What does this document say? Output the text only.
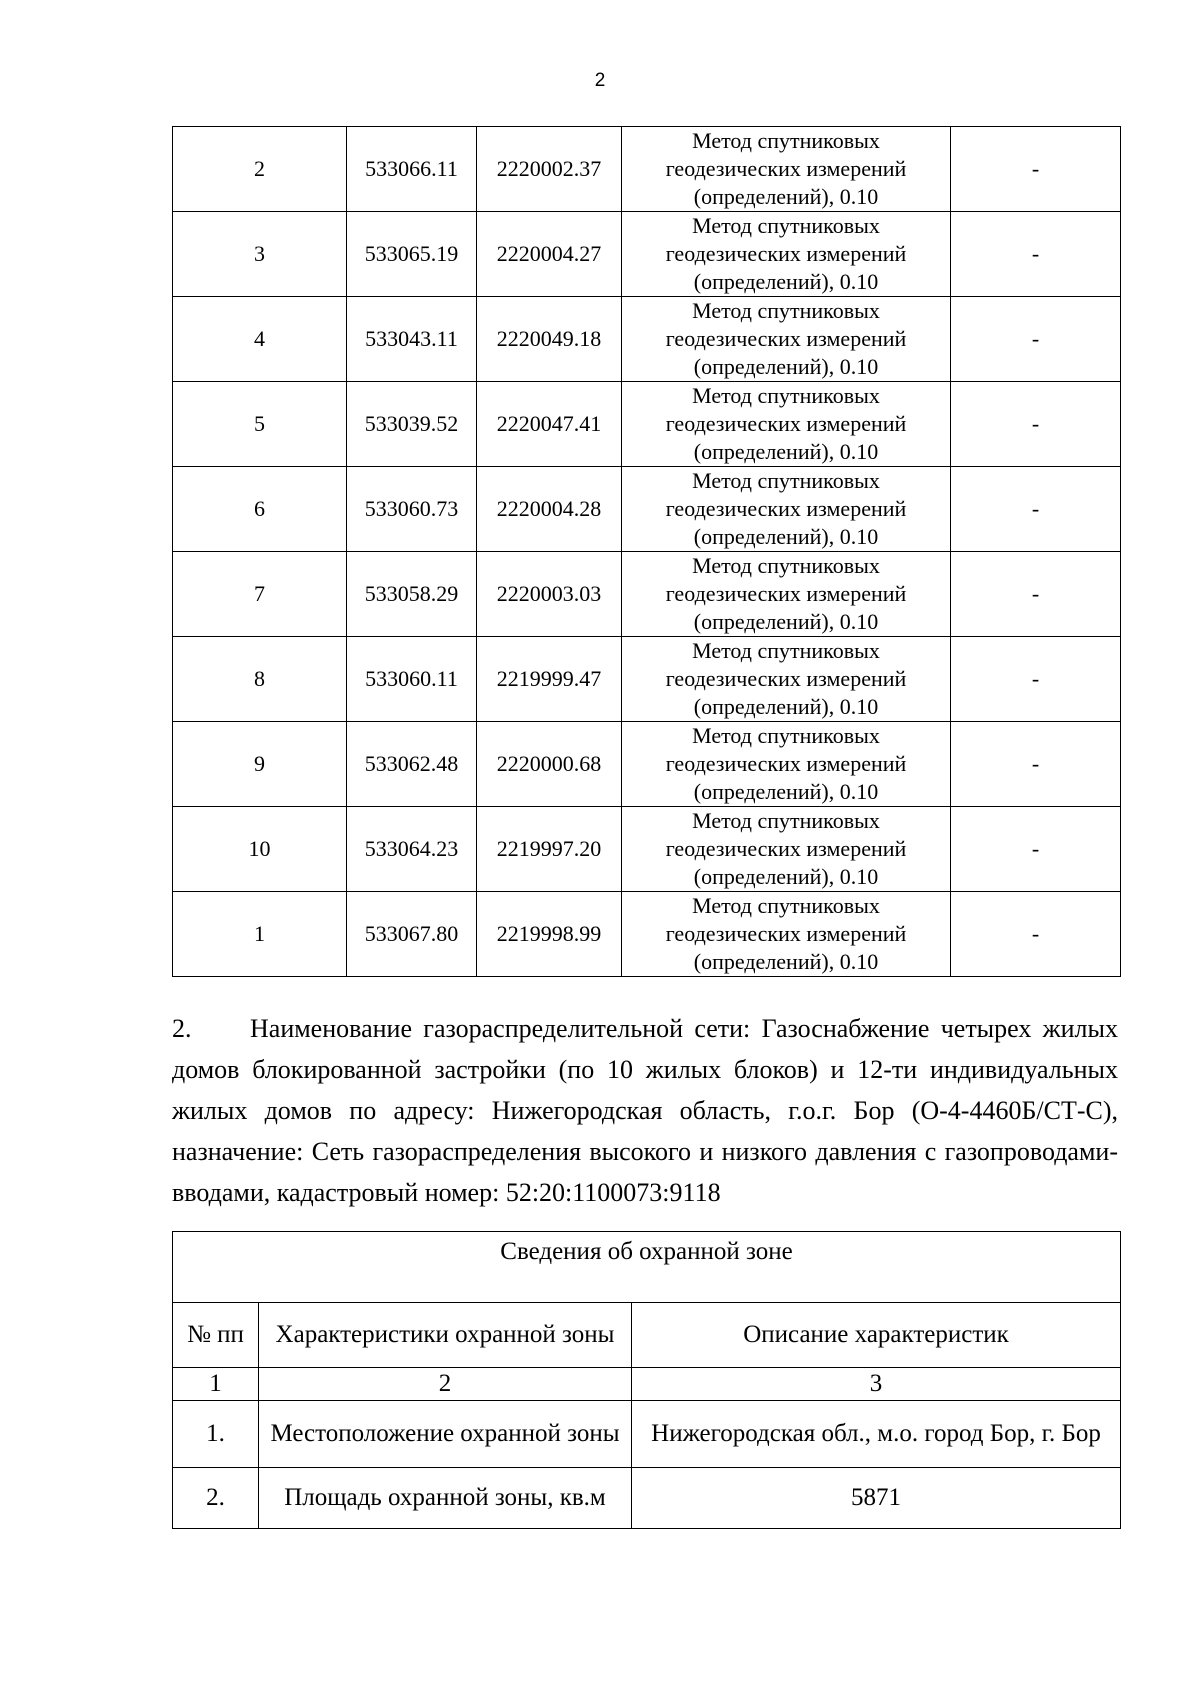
2
2	533066.11	2220002.37	Метод спутниковых
геодезических измерений
(определений), 0.10	-
3	533065.19	2220004.27	Метод спутниковых
геодезических измерений
(определений), 0.10	-
4	533043.11	2220049.18	Метод спутниковых
геодезических измерений
(определений), 0.10	-
5	533039.52	2220047.41	Метод спутниковых
геодезических измерений
(определений), 0.10	-
6	533060.73	2220004.28	Метод спутниковых
геодезических измерений
(определений), 0.10	-
7	533058.29	2220003.03	Метод спутниковых
геодезических измерений
(определений), 0.10	-
8	533060.11	2219999.47	Метод спутниковых
геодезических измерений
(определений), 0.10	-
9	533062.48	2220000.68	Метод спутниковых
геодезических измерений
(определений), 0.10	-
10	533064.23	2219997.20	Метод спутниковых
геодезических измерений
(определений), 0.10	-
1	533067.80	2219998.99	Метод спутниковых
геодезических измерений
(определений), 0.10	-
2. Наименование газораспределительной сети: Газоснабжение четырех жилых домов блокированной застройки (по 10 жилых блоков) и 12-ти индивидуальных жилых домов по адресу: Нижегородская область, г.о.г. Бор (О-4-4460Б/СТ-С), назначение: Сеть газораспределения высокого и низкого давления с газопроводами-вводами, кадастровый номер: 52:20:1100073:9118
Сведения об охранной зоне		
№ пп	Характеристики охранной зоны	Описание характеристик
1	2	3
1.	Местоположение охранной зоны	Нижегородская обл., м.о. город Бор, г. Бор
2.	Площадь охранной зоны, кв.м	5871
